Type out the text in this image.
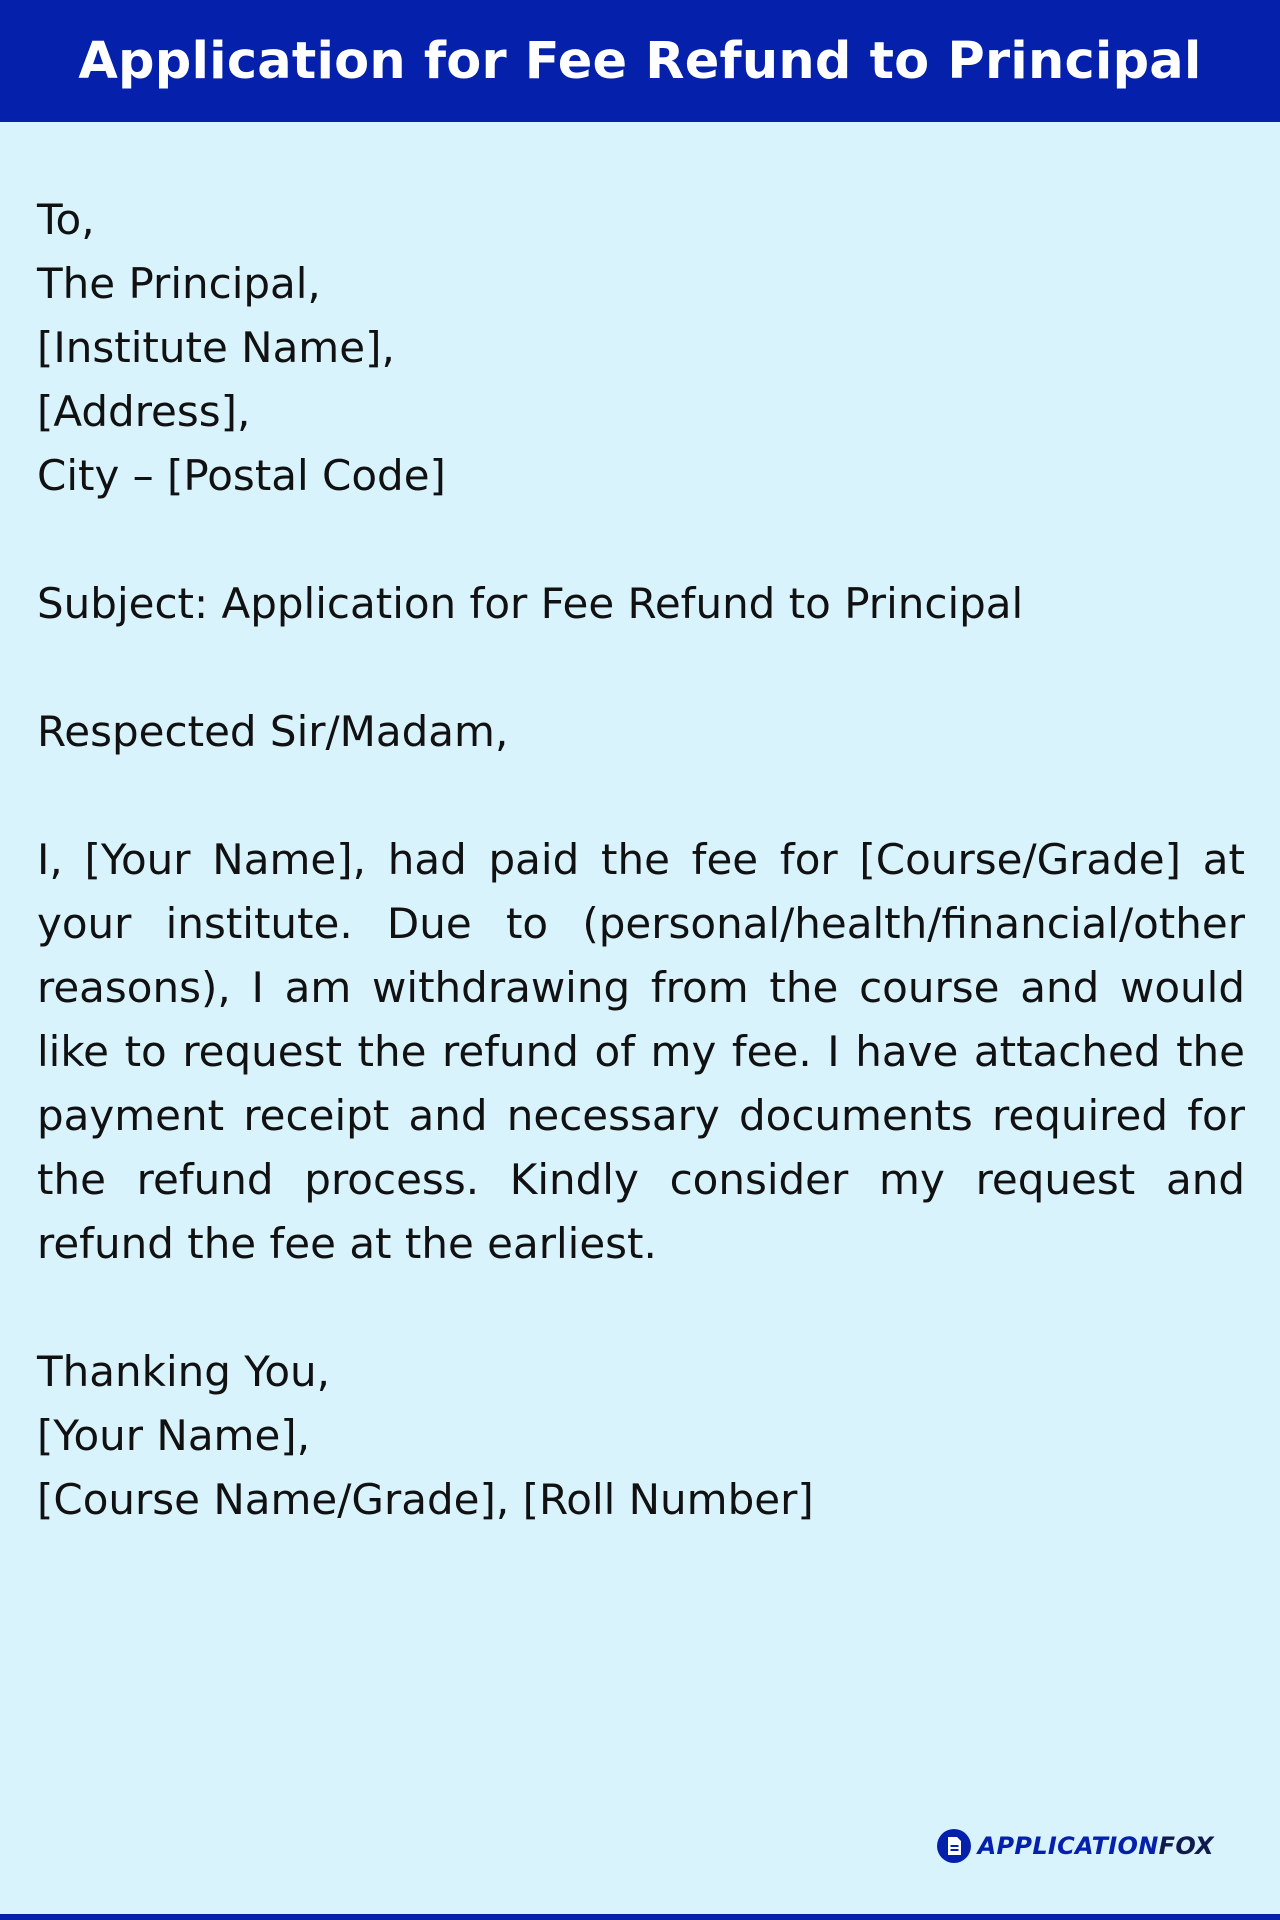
Application for Fee Refund to Principal
To,
The Principal,
[Institute Name],
[Address],
City – [Postal Code]
Subject: Application for Fee Refund to Principal
Respected Sir/Madam,
I, [Your Name], had paid the fee for [Course/Grade] at your institute. Due to (personal/health/financial/other reasons), I am withdrawing from the course and would like to request the refund of my fee. I have attached the payment receipt and necessary documents required for the refund process. Kindly consider my request and refund the fee at the earliest.
Thanking You,
[Your Name],
[Course Name/Grade], [Roll Number]
APPLICATIONFOX
